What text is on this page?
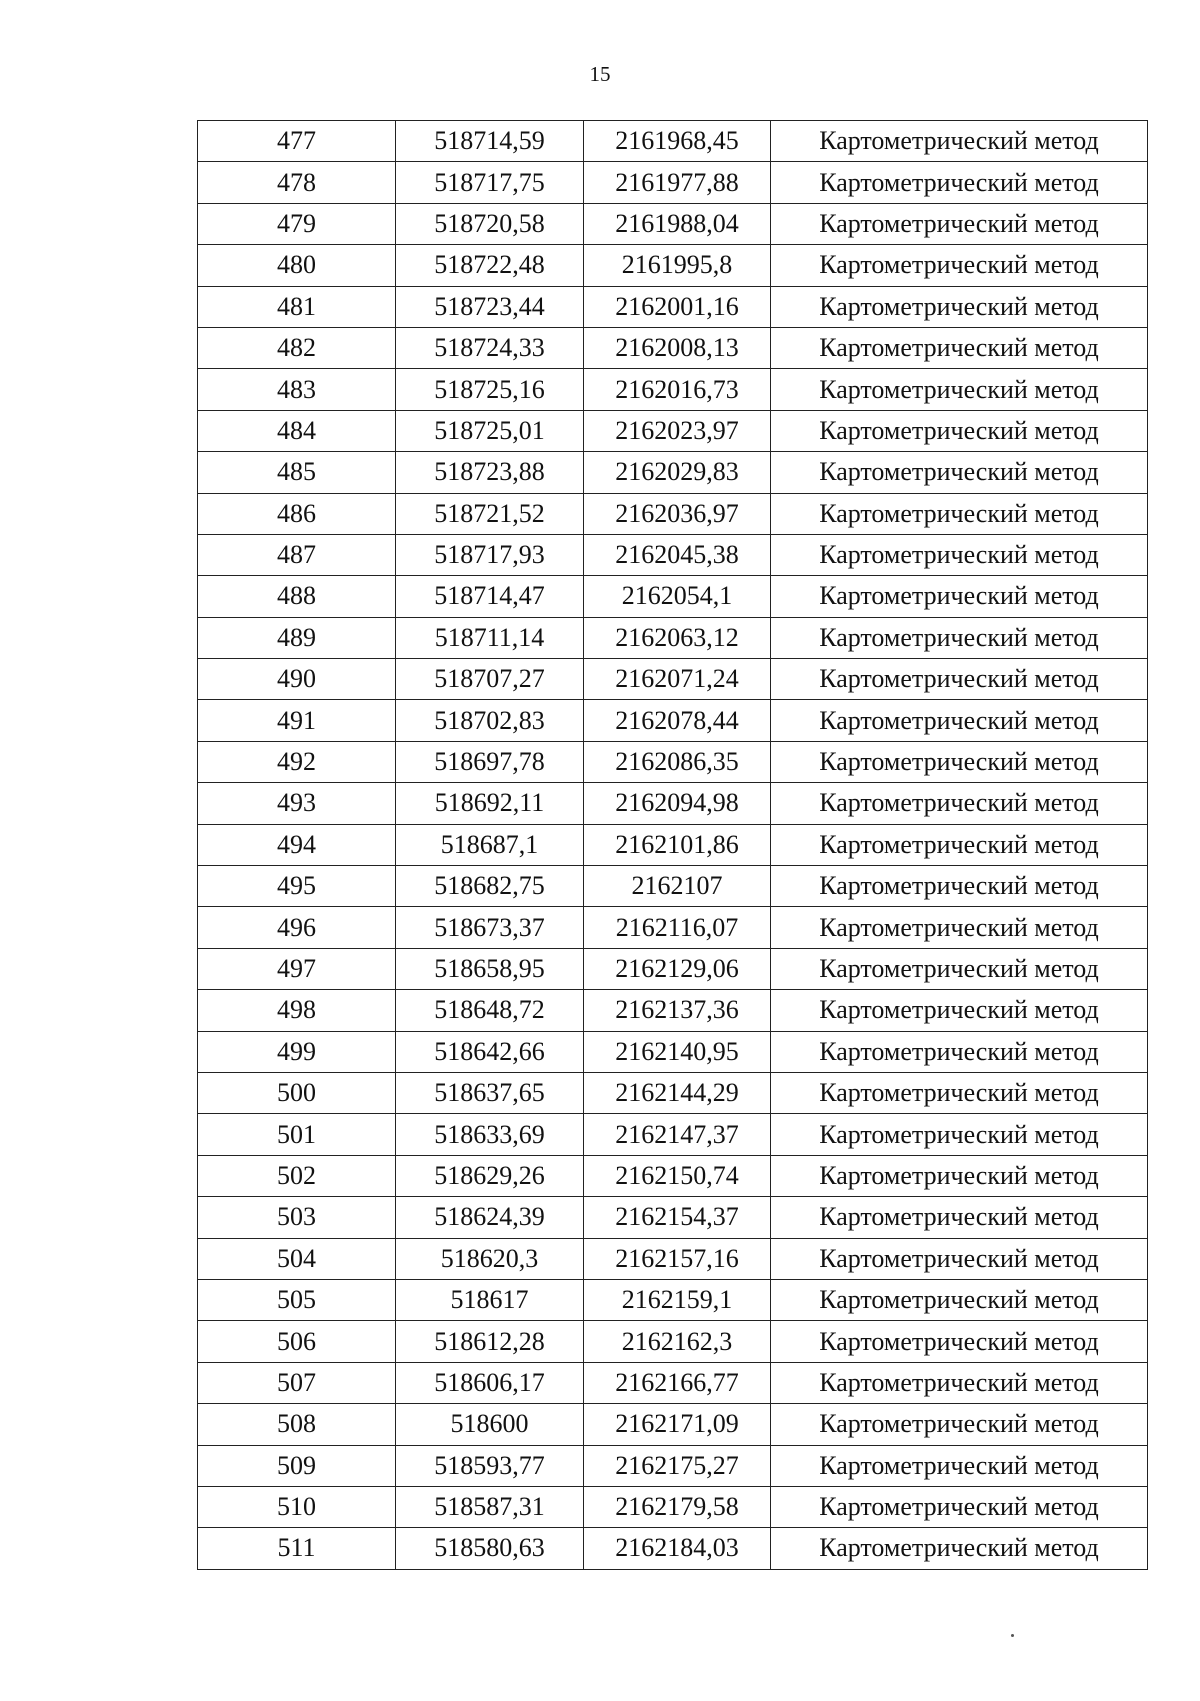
15
477	518714,59	2161968,45	Картометрический метод
478	518717,75	2161977,88	Картометрический метод
479	518720,58	2161988,04	Картометрический метод
480	518722,48	2161995,8	Картометрический метод
481	518723,44	2162001,16	Картометрический метод
482	518724,33	2162008,13	Картометрический метод
483	518725,16	2162016,73	Картометрический метод
484	518725,01	2162023,97	Картометрический метод
485	518723,88	2162029,83	Картометрический метод
486	518721,52	2162036,97	Картометрический метод
487	518717,93	2162045,38	Картометрический метод
488	518714,47	2162054,1	Картометрический метод
489	518711,14	2162063,12	Картометрический метод
490	518707,27	2162071,24	Картометрический метод
491	518702,83	2162078,44	Картометрический метод
492	518697,78	2162086,35	Картометрический метод
493	518692,11	2162094,98	Картометрический метод
494	518687,1	2162101,86	Картометрический метод
495	518682,75	2162107	Картометрический метод
496	518673,37	2162116,07	Картометрический метод
497	518658,95	2162129,06	Картометрический метод
498	518648,72	2162137,36	Картометрический метод
499	518642,66	2162140,95	Картометрический метод
500	518637,65	2162144,29	Картометрический метод
501	518633,69	2162147,37	Картометрический метод
502	518629,26	2162150,74	Картометрический метод
503	518624,39	2162154,37	Картометрический метод
504	518620,3	2162157,16	Картометрический метод
505	518617	2162159,1	Картометрический метод
506	518612,28	2162162,3	Картометрический метод
507	518606,17	2162166,77	Картометрический метод
508	518600	2162171,09	Картометрический метод
509	518593,77	2162175,27	Картометрический метод
510	518587,31	2162179,58	Картометрический метод
511	518580,63	2162184,03	Картометрический метод
